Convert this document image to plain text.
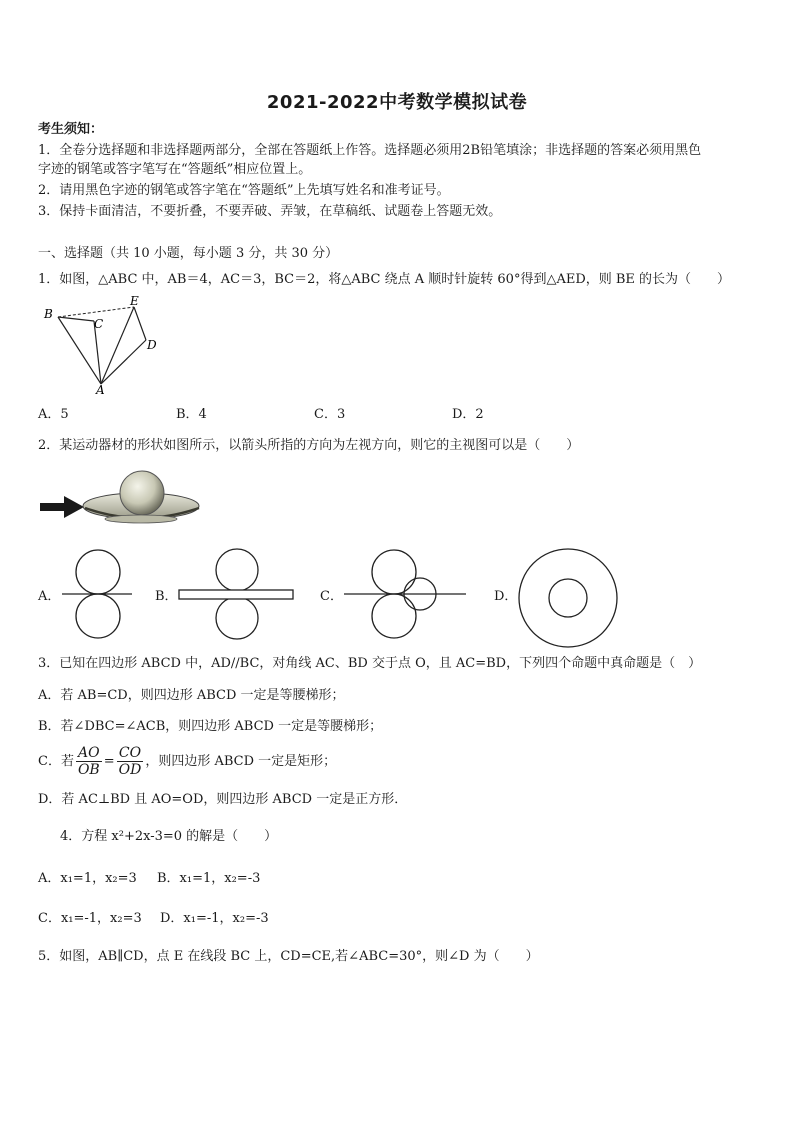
2021-2022中考数学模拟试卷
考生须知：
1．全卷分选择题和非选择题两部分，全部在答题纸上作答。选择题必须用2B铅笔填涂；非选择题的答案必须用黑色
字迹的钢笔或答字笔写在“答题纸”相应位置上。
2．请用黑色字迹的钢笔或答字笔在“答题纸”上先填写姓名和准考证号。
3．保持卡面清洁，不要折叠，不要弄破、弄皱，在草稿纸、试题卷上答题无效。
一、选择题（共 10 小题，每小题 3 分，共 30 分）
1．如图，△ABC 中，AB＝4，AC＝3，BC＝2，将△ABC 绕点 A 顺时针旋转 60°得到△AED，则 BE 的长为（　　）
B
C
E
D
A
A．5	B．4	C．3	D．2
2．某运动器材的形状如图所示，以箭头所指的方向为左视方向，则它的主视图可以是（　　）
A．	B．	C．	D．
3．已知在四边形 ABCD 中，AD//BC，对角线 AC、BD 交于点 O，且 AC=BD，下列四个命题中真命题是（　）
A．若 AB=CD，则四边形 ABCD 一定是等腰梯形；
B．若∠DBC=∠ACB，则四边形 ABCD 一定是等腰梯形；
C．若 $\frac{AO}{OB} = \frac{CO}{OD}$ ，则四边形 ABCD 一定是矩形；
D．若 AC⊥BD 且 AO=OD，则四边形 ABCD 一定是正方形．
4．方程 x²+2x-3=0 的解是（　　）
A．x₁=1，x₂=3 B．x₁=1，x₂=-3
C．x₁=-1，x₂=3 D．x₁=-1，x₂=-3
5．如图，AB∥CD，点 E 在线段 BC 上，CD=CE,若∠ABC=30°，则∠D 为（　　）
